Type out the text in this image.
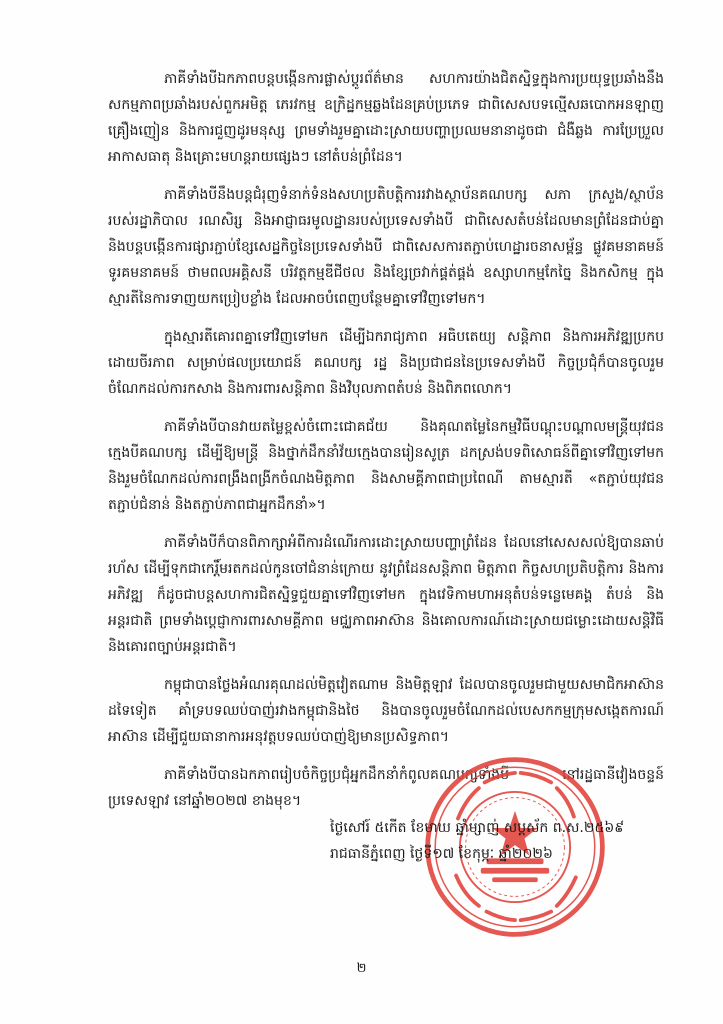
ភាគីទាំងបីឯកភាពបន្តបង្កើនការផ្លាស់ប្តូរព័ត៌មាន សហការយ៉ាងជិតស្និទ្ធក្នុងការប្រយុទ្ធប្រឆាំងនឹងសកម្មភាពប្រឆាំងរបស់ពួកអមិត្ត ភេរវកម្ម ឧក្រិដ្ឋកម្មឆ្លងដែនគ្រប់ប្រភេទ ជាពិសេសបទល្មើសឆបោកអនឡាញ គ្រឿងញៀន និងការជួញដូរមនុស្ស ព្រមទាំងរួមគ្នាដោះស្រាយបញ្ហាប្រឈមនានាដូចជា ជំងឺឆ្លង ការប្រែប្រួលអាកាសធាតុ និងគ្រោះមហន្តរាយផ្សេងៗ នៅតំបន់ព្រំដែន។

ភាគីទាំងបីនឹងបន្តជំរុញទំនាក់ទំនងសហប្រតិបត្តិការរវាងស្ថាប័នគណបក្ស សភា ក្រសួង/ស្ថាប័នរបស់រដ្ឋាភិបាល រណសិរ្ស និងអាជ្ញាធរមូលដ្ឋានរបស់ប្រទេសទាំងបី ជាពិសេសតំបន់ដែលមានព្រំដែនជាប់គ្នា និងបន្តបង្កើនការផ្សារភ្ជាប់ខ្សែសេដ្ឋកិច្ចនៃប្រទេសទាំងបី ជាពិសេសការតភ្ជាប់ហេដ្ឋារចនាសម្ព័ន្ធ ផ្លូវគមនាគមន៍ ទូរគមនាគមន៍ ថាមពលអគ្គិសនី បរិវត្តកម្មឌីជីថល និងខ្សែច្រវាក់ផ្គត់ផ្គង់ ឧស្សាហកម្មកែច្នៃ និងកសិកម្ម ក្នុងស្មារតីនៃការទាញយកប្រៀបខ្លាំង ដែលអាចបំពេញបន្ថែមគ្នាទៅវិញទៅមក។

ក្នុងស្មារតីគោរពគ្នាទៅវិញទៅមក ដើម្បីឯករាជ្យភាព អធិបតេយ្យ សន្តិភាព និងការអភិវឌ្ឍប្រកបដោយចីរភាព សម្រាប់ផលប្រយោជន៍ គណបក្ស រដ្ឋ និងប្រជាជននៃប្រទេសទាំងបី កិច្ចប្រជុំក៏បានចូលរួមចំណែកដល់ការកសាង និងការពារសន្តិភាព និងវិបុលភាពតំបន់ និងពិភពលោក។

ភាគីទាំងបីបានវាយតម្លៃខ្ពស់ចំពោះជោគជ័យ និងគុណតម្លៃនៃកម្មវិធីបណ្តុះបណ្តាលមន្ត្រីយុវជនក្មេងបីគណបក្ស ដើម្បីឱ្យមន្ត្រី និងថ្នាក់ដឹកនាំវ័យក្មេងបានរៀនសូត្រ ដកស្រង់បទពិសោធន៍ពីគ្នាទៅវិញទៅមក និងរួមចំណែកដល់ការពង្រឹងពង្រីកចំណងមិត្តភាព និងសាមគ្គីភាពជាប្រពៃណី តាមស្មារតី «តភ្ជាប់យុវជន តភ្ជាប់ជំនាន់ និងតភ្ជាប់ភាពជាអ្នកដឹកនាំ»។

ភាគីទាំងបីក៏បានពិភាក្សាអំពីការដំណើរការដោះស្រាយបញ្ហាព្រំដែន ដែលនៅសេសសល់ឱ្យបានឆាប់រហ័ស ដើម្បីទុកជាកេរ្តិ៍មរតកដល់កូនចៅជំនាន់ក្រោយ នូវព្រំដែនសន្តិភាព មិត្តភាព កិច្ចសហប្រតិបត្តិការ និងការអភិវឌ្ឍ ក៏ដូចជាបន្តសហការជិតស្និទ្ធជួយគ្នាទៅវិញទៅមក ក្នុងវេទិកាមហាអនុតំបន់ទន្លេមេគង្គ តំបន់ និងអន្តរជាតិ ព្រមទាំងប្តេជ្ញាការពារសាមគ្គីភាព មជ្ឈភាពអាស៊ាន និងគោលការណ៍ដោះស្រាយជម្លោះដោយសន្តិវិធី និងគោរពច្បាប់អន្តរជាតិ។

កម្ពុជាបានថ្លែងអំណរគុណដល់មិត្តវៀតណាម និងមិត្តឡាវ ដែលបានចូលរួមជាមួយសមាជិកអាស៊ានដទៃទៀត គាំទ្របទឈប់បាញ់រវាងកម្ពុជានិងថៃ និងបានចូលរួមចំណែកដល់បេសកកម្មក្រុមសង្កេតការណ៍អាស៊ាន ដើម្បីជួយធានាការអនុវត្តបទឈប់បាញ់ឱ្យមានប្រសិទ្ធភាព។

ភាគីទាំងបីបានឯកភាពរៀបចំកិច្ចប្រជុំអ្នកដឹកនាំកំពូលគណបក្សទាំងបី នៅរដ្ឋធានីវៀងចន្ទន៍ ប្រទេសឡាវ នៅឆ្នាំ២០២៧ ខាងមុខ។

ថ្ងៃសៅរ៍ ៥កើត ខែមាឃ ឆ្នាំម្សាញ់ សប្តស័ក ព.ស.២៥៦៩
រាជធានីភ្នំពេញ ថ្ងៃទី១៧ ខែកុម្ភៈ ឆ្នាំ២០២៦
២
